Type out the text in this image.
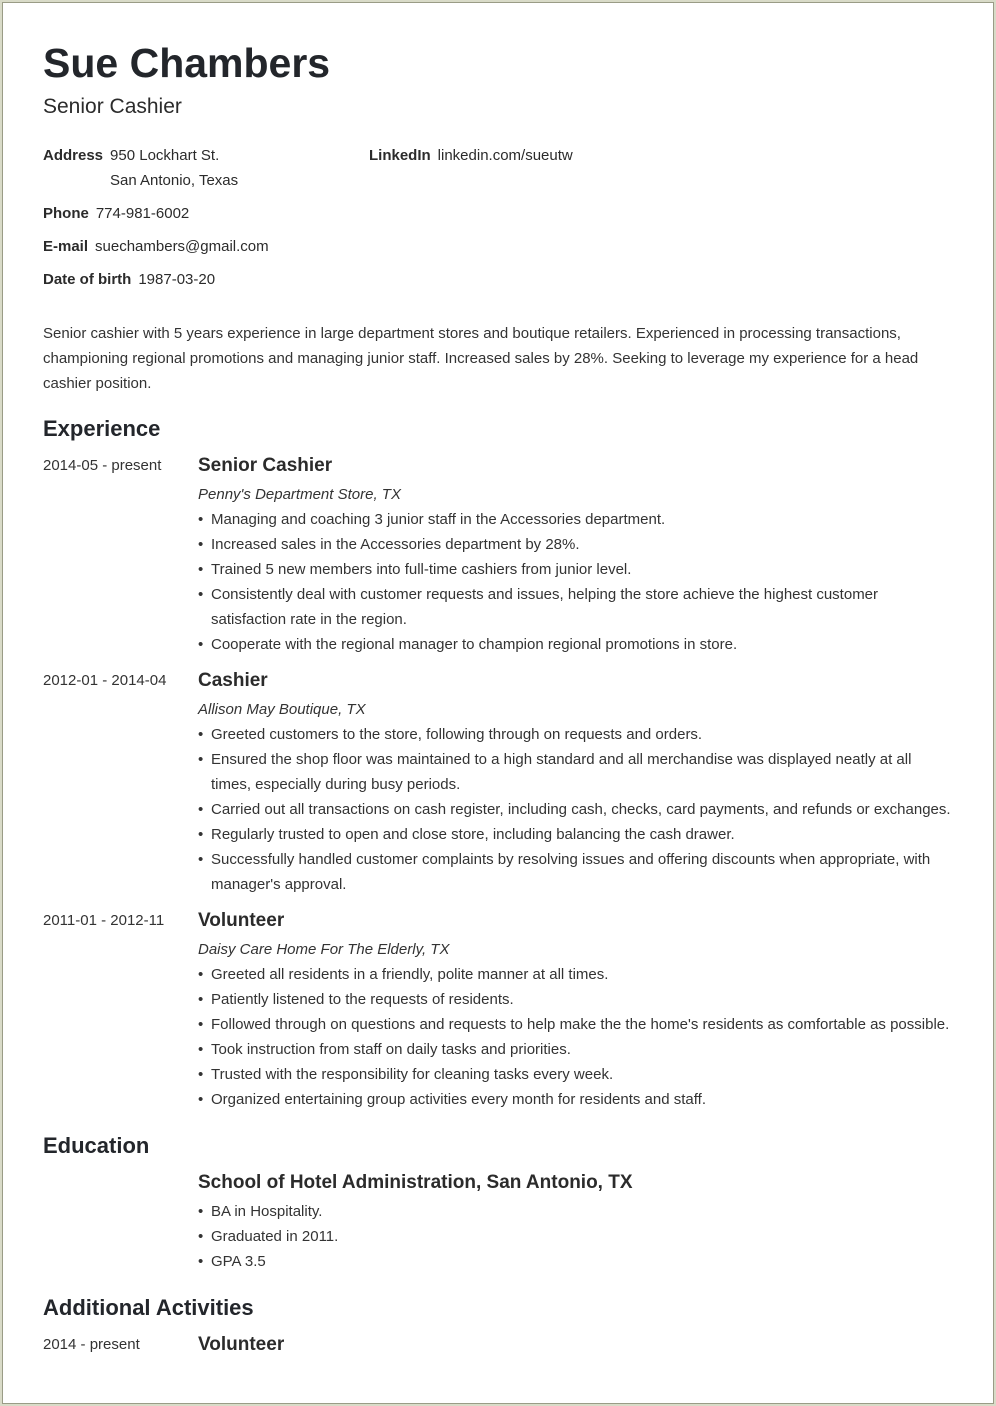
Sue Chambers
Senior Cashier
Address 950 Lockhart St.
San Antonio, Texas
LinkedIn linkedin.com/sueutw
Phone 774-981-6002
E-mail suechambers@gmail.com
Date of birth 1987-03-20
Senior cashier with 5 years experience in large department stores and boutique retailers. Experienced in processing transactions, championing regional promotions and managing junior staff. Increased sales by 28%. Seeking to leverage my experience for a head cashier position.
Experience
2014-05 - present Senior Cashier
Penny's Department Store, TX
• Managing and coaching 3 junior staff in the Accessories department.
• Increased sales in the Accessories department by 28%.
• Trained 5 new members into full-time cashiers from junior level.
• Consistently deal with customer requests and issues, helping the store achieve the highest customer satisfaction rate in the region.
• Cooperate with the regional manager to champion regional promotions in store.
2012-01 - 2014-04 Cashier
Allison May Boutique, TX
• Greeted customers to the store, following through on requests and orders.
• Ensured the shop floor was maintained to a high standard and all merchandise was displayed neatly at all times, especially during busy periods.
• Carried out all transactions on cash register, including cash, checks, card payments, and refunds or exchanges.
• Regularly trusted to open and close store, including balancing the cash drawer.
• Successfully handled customer complaints by resolving issues and offering discounts when appropriate, with manager's approval.
2011-01 - 2012-11 Volunteer
Daisy Care Home For The Elderly, TX
• Greeted all residents in a friendly, polite manner at all times.
• Patiently listened to the requests of residents.
• Followed through on questions and requests to help make the the home's residents as comfortable as possible.
• Took instruction from staff on daily tasks and priorities.
• Trusted with the responsibility for cleaning tasks every week.
• Organized entertaining group activities every month for residents and staff.
Education
School of Hotel Administration, San Antonio, TX
• BA in Hospitality.
• Graduated in 2011.
• GPA 3.5
Additional Activities
2014 - present	Volunteer
